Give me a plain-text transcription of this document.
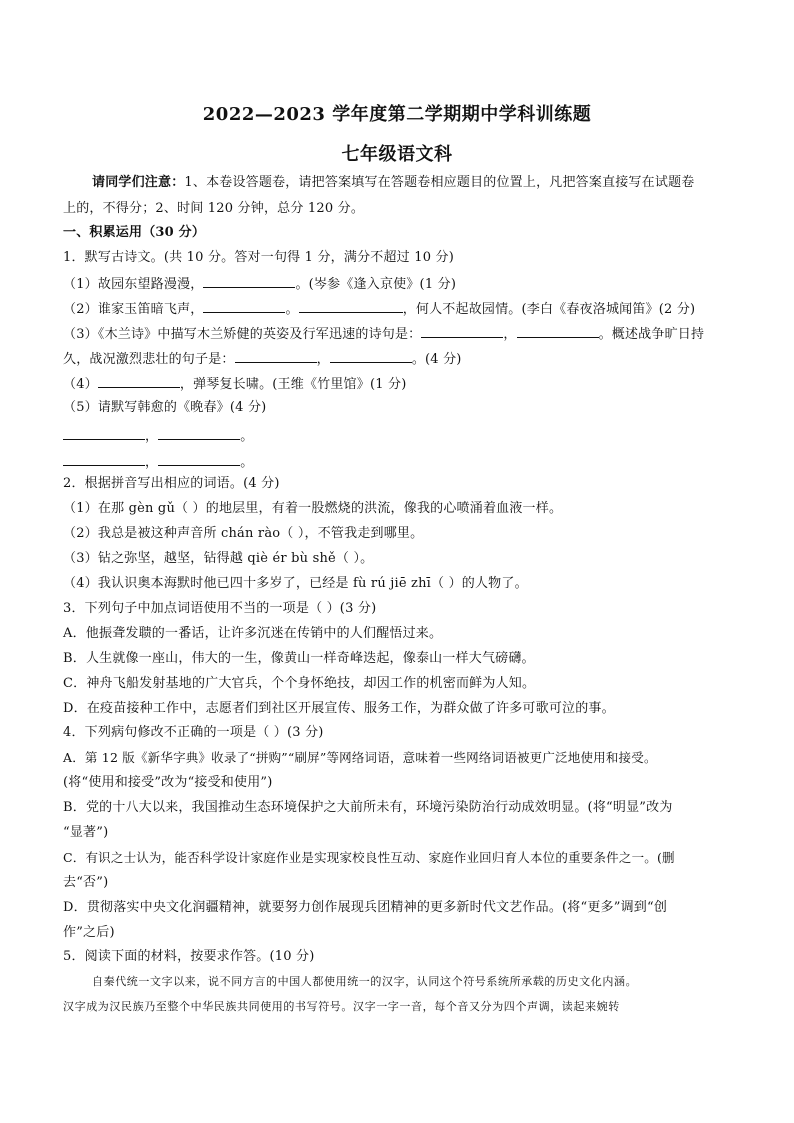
2022—2023 学年度第二学期期中学科训练题
七年级语文科
请同学们注意：1、本卷设答题卷，请把答案填写在答题卷相应题目的位置上，凡把答案直接写在试题卷
上的，不得分；2、时间 120 分钟，总分 120 分。
一、积累运用（30 分）
1．默写古诗文。(共 10 分。答对一句得 1 分，满分不超过 10 分)
（1）故园东望路漫漫，	。(岑参《逢入京使》(1 分)
（2）谁家玉笛暗飞声，	。	，何人不起故园情。(李白《春夜洛城闻笛》(2 分)
（3）《木兰诗》中描写木兰矫健的英姿及行军迅速的诗句是：	，	。概述战争旷日持
久，战况激烈悲壮的句子是：	，	。(4 分)
（4）	，弹琴复长啸。(王维《竹里馆》(1 分)
（5）请默写韩愈的《晚春》(4 分)
，	。
，	。
2．根据拼音写出相应的词语。(4 分)
（1）在那 gèn gǔ（ ）的地层里，有着一股燃烧的洪流，像我的心喷涌着血液一样。
（2）我总是被这种声音所 chán rào（ ），不管我走到哪里。
（3）钻之弥坚，越坚，钻得越 qiè ér bù shě（ ）。
（4）我认识奥本海默时他已四十多岁了，已经是 fù rú jiē zhī（ ）的人物了。
3．下列句子中加点词语使用不当的一项是（ ）(3 分)
A．他振聋发聩的一番话，让许多沉迷在传销中的人们醒悟过来。
B．人生就像一座山，伟大的一生，像黄山一样奇峰迭起，像泰山一样大气磅礴。
C．神舟飞船发射基地的广大官兵，个个身怀绝技，却因工作的机密而鲜为人知。
D．在疫苗接种工作中，志愿者们到社区开展宣传、服务工作，为群众做了许多可歌可泣的事。
4．下列病句修改不正确的一项是（ ）(3 分)
A．第 12 版《新华字典》收录了“拼购”“刷屏”等网络词语，意味着一些网络词语被更广泛地使用和接受。
(将“使用和接受”改为“接受和使用”)
B．党的十八大以来，我国推动生态环境保护之大前所未有，环境污染防治行动成效明显。(将“明显”改为
“显著”)
C．有识之士认为，能否科学设计家庭作业是实现家校良性互动、家庭作业回归育人本位的重要条件之一。(删
去“否”)
D．贯彻落实中央文化润疆精神，就要努力创作展现兵团精神的更多新时代文艺作品。(将“更多”调到“创
作”之后)
5．阅读下面的材料，按要求作答。(10 分)
自秦代统一文字以来，说不同方言的中国人都使用统一的汉字，认同这个符号系统所承载的历史文化内涵。
汉字成为汉民族乃至整个中华民族共同使用的书写符号。汉字一字一音，每个音又分为四个声调，读起来婉转
